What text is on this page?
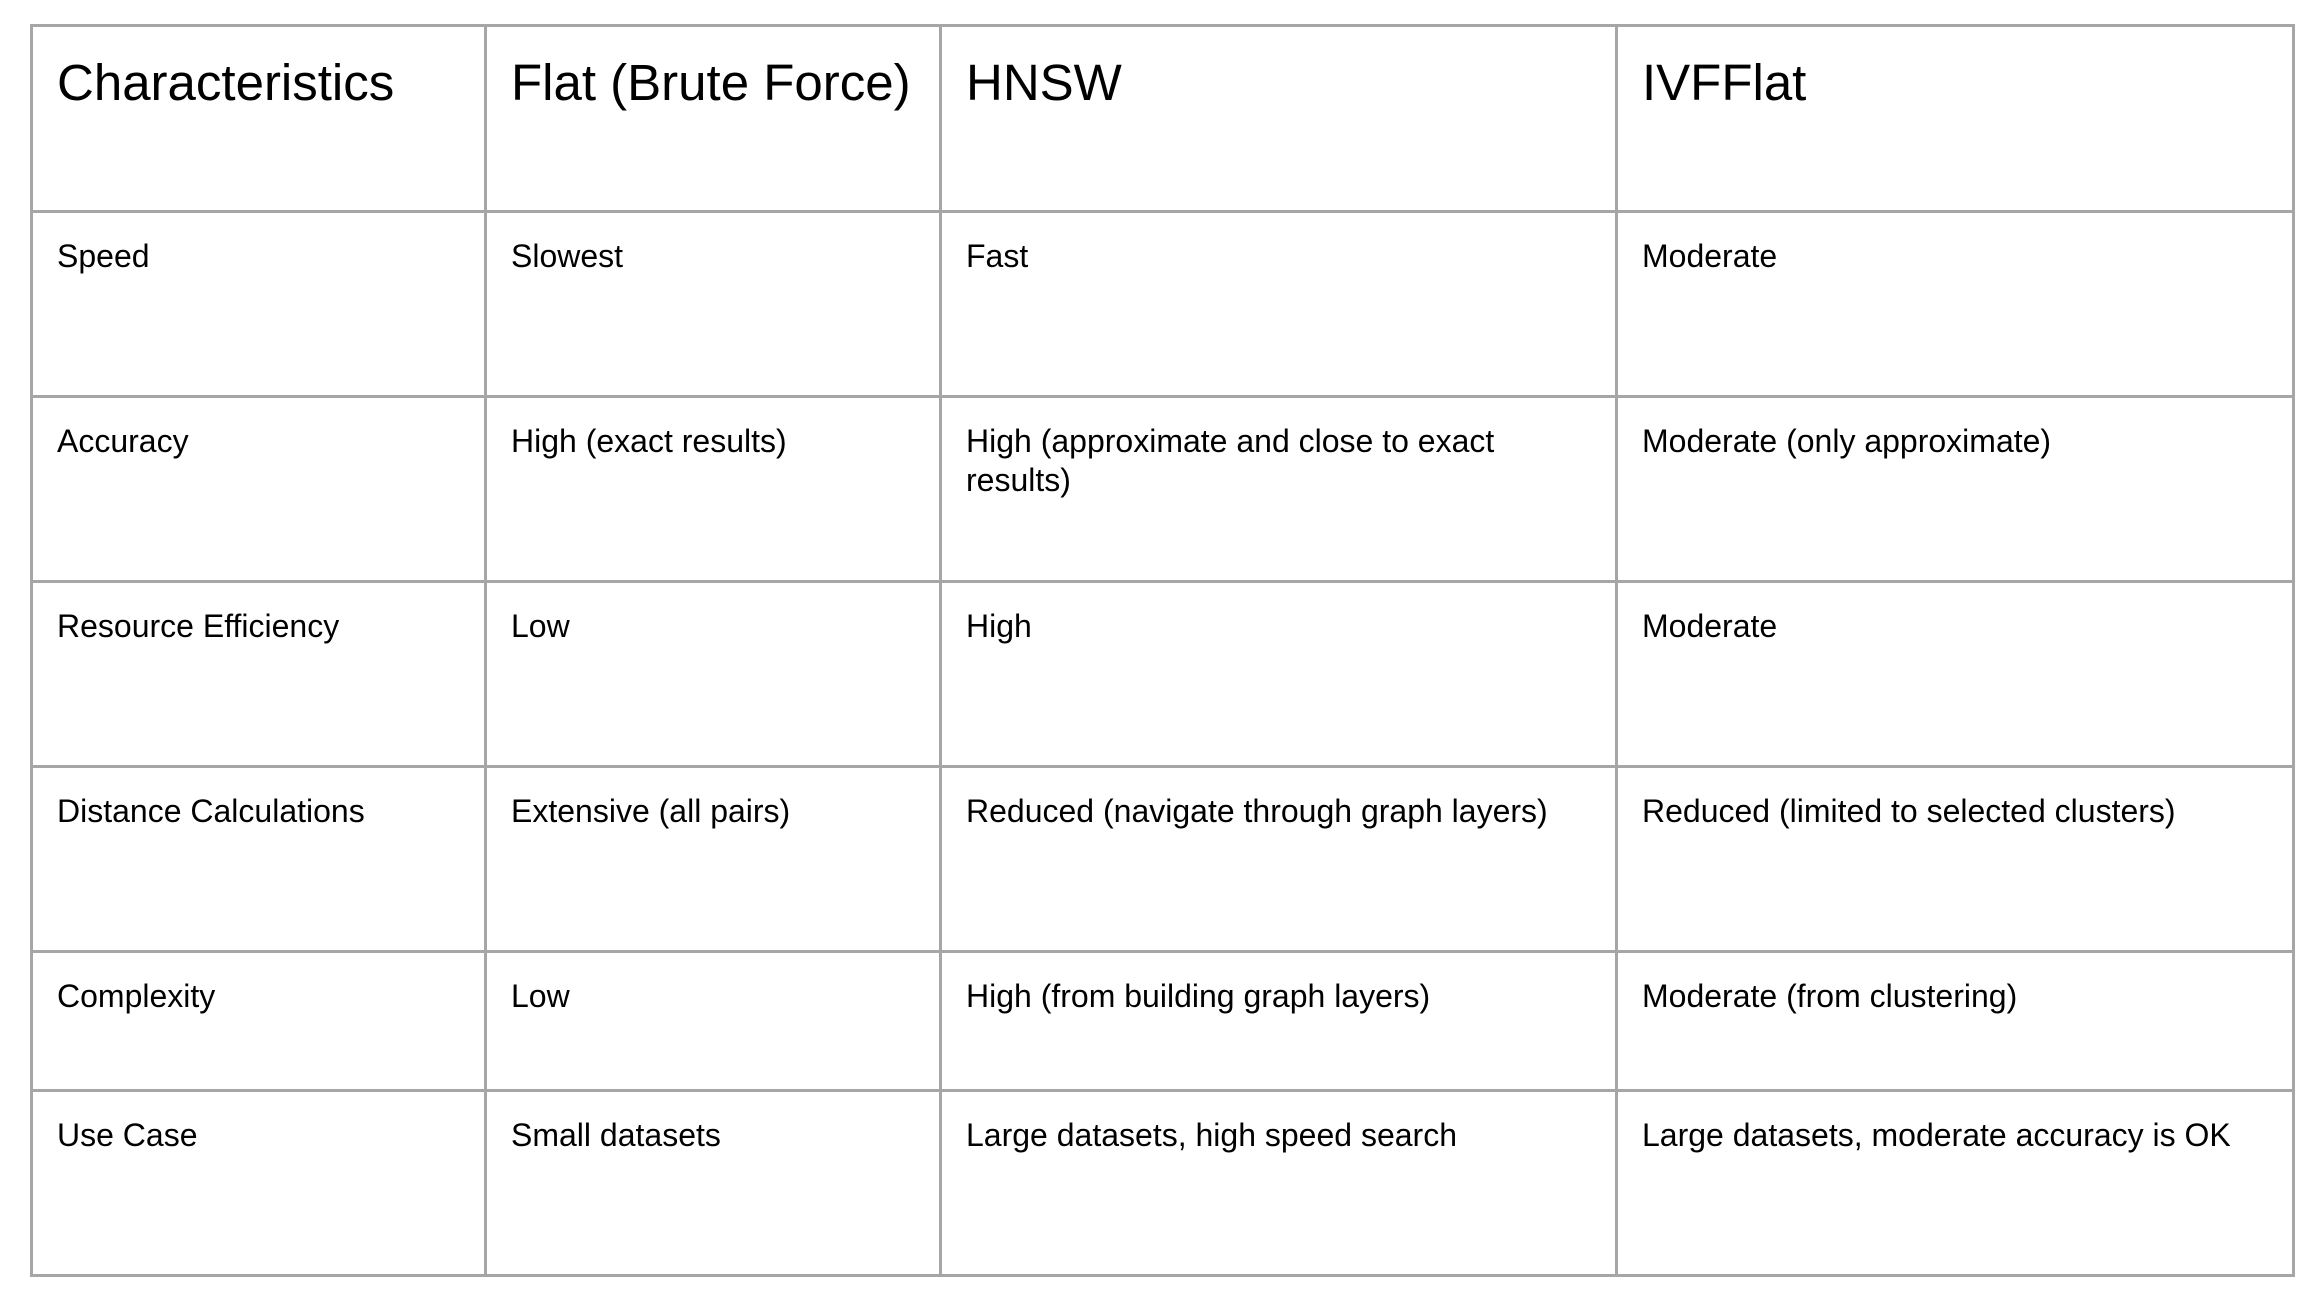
Characteristics	Flat (Brute Force)	HNSW	IVFFlat
Speed	Slowest	Fast	Moderate
Accuracy	High (exact results)	High (approximate and close to exact results)	Moderate (only approximate)
Resource Efficiency	Low	High	Moderate
Distance Calculations	Extensive (all pairs)	Reduced (navigate through graph layers)	Reduced (limited to selected clusters)
Complexity	Low	High (from building graph layers)	Moderate (from clustering)
Use Case	Small datasets	Large datasets, high speed search	Large datasets, moderate accuracy is OK
